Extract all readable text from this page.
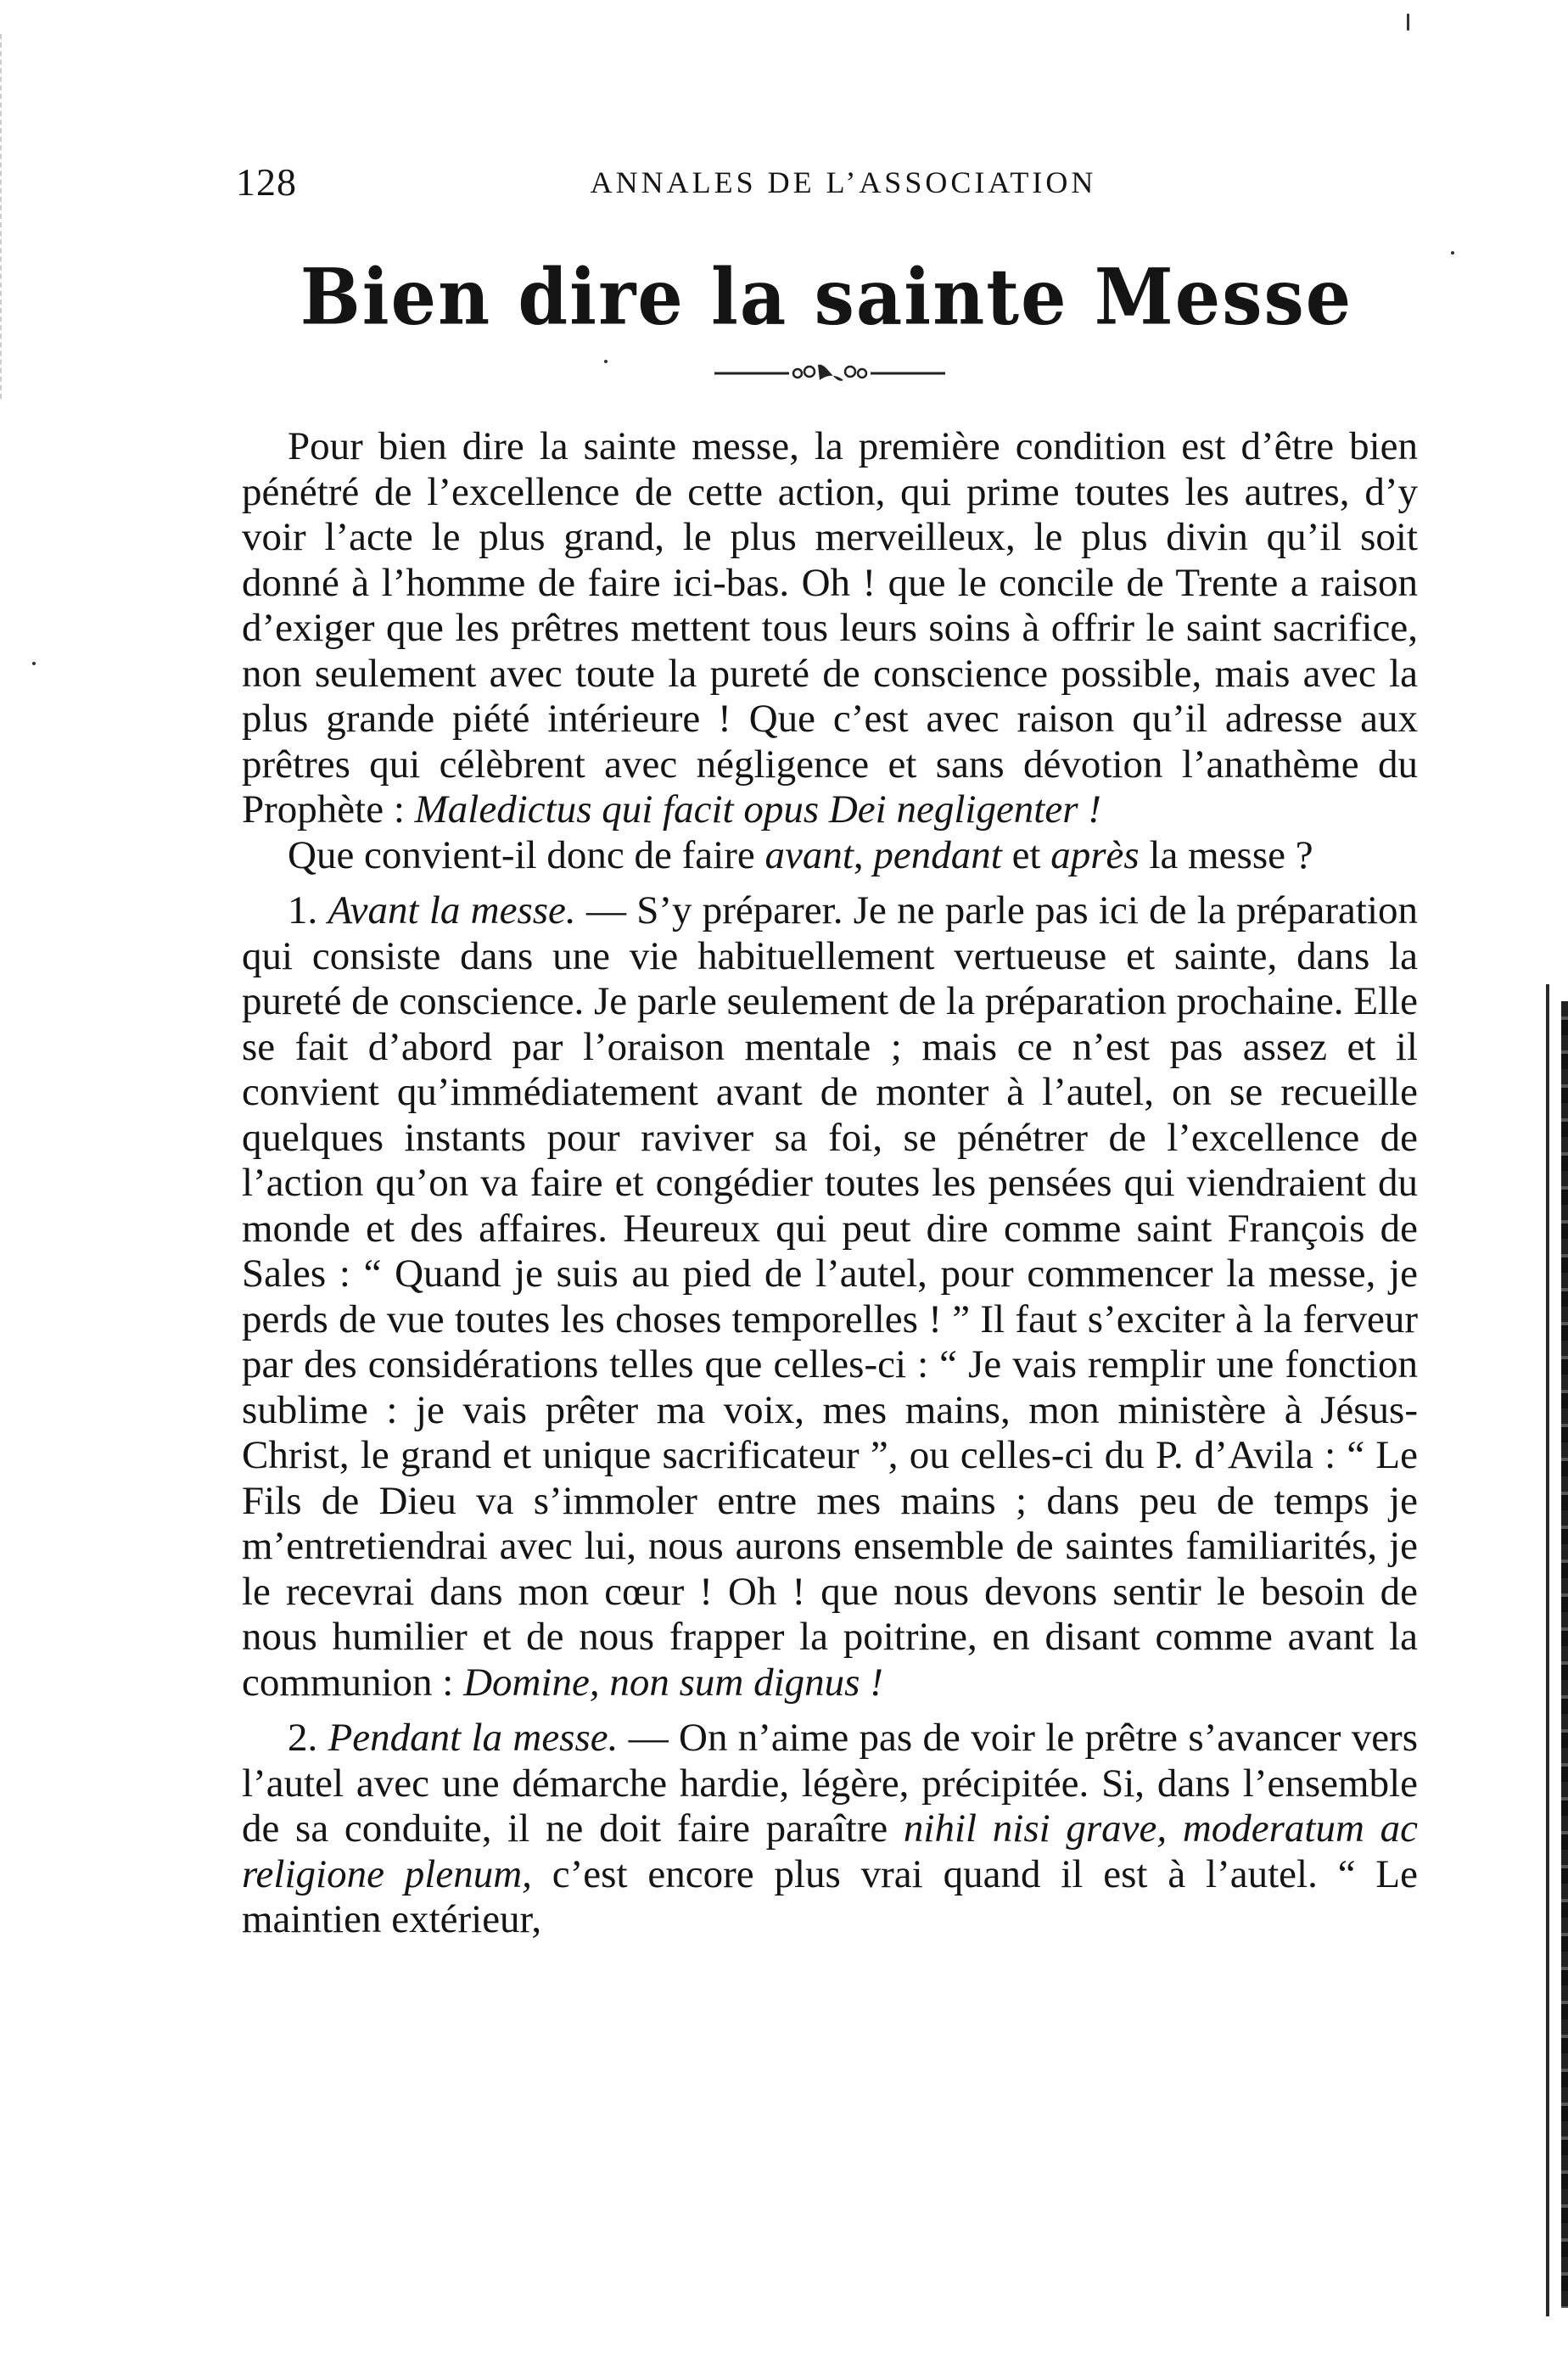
128	ANNALES DE L’ASSOCIATION
Bien dire la sainte Messe

Pour bien dire la sainte messe, la première condition est d’être bien pénétré de l’excellence de cette action, qui prime toutes les autres, d’y voir l’acte le plus grand, le plus merveilleux, le plus divin qu’il soit donné à l’homme de faire ici-bas. Oh ! que le concile de Trente a raison d’exiger que les prêtres mettent tous leurs soins à offrir le saint sacrifice, non seulement avec toute la pureté de conscience possible, mais avec la plus grande piété intérieure ! Que c’est avec raison qu’il adresse aux prêtres qui célèbrent avec négligence et sans dévotion l’anathème du Prophète : Maledictus qui facit opus Dei negligenter !

Que convient-il donc de faire avant, pendant et après la messe ?

1. Avant la messe. — S’y préparer. Je ne parle pas ici de la préparation qui consiste dans une vie habituellement vertueuse et sainte, dans la pureté de conscience. Je parle seulement de la préparation prochaine. Elle se fait d’abord par l’oraison mentale ; mais ce n’est pas assez et il convient qu’immédiatement avant de monter à l’autel, on se recueille quelques instants pour raviver sa foi, se pénétrer de l’excellence de l’action qu’on va faire et congédier toutes les pensées qui viendraient du monde et des affaires. Heureux qui peut dire comme saint François de Sales : “ Quand je suis au pied de l’autel, pour commencer la messe, je perds de vue toutes les choses temporelles ! ” Il faut s’exciter à la ferveur par des considérations telles que celles-ci : “ Je vais remplir une fonction sublime : je vais prêter ma voix, mes mains, mon ministère à Jésus-Christ, le grand et unique sacrificateur ”, ou celles-ci du P. d’Avila : “ Le Fils de Dieu va s’immoler entre mes mains ; dans peu de temps je m’entretiendrai avec lui, nous aurons ensemble de saintes familiarités, je le recevrai dans mon cœur ! Oh ! que nous devons sentir le besoin de nous humilier et de nous frapper la poitrine, en disant comme avant la communion : Domine, non sum dignus !

2. Pendant la messe. — On n’aime pas de voir le prêtre s’avancer vers l’autel avec une démarche hardie, légère, précipitée. Si, dans l’ensemble de sa conduite, il ne doit faire paraître nihil nisi grave, moderatum ac religione plenum, c’est encore plus vrai quand il est à l’autel. “ Le maintien extérieur,
